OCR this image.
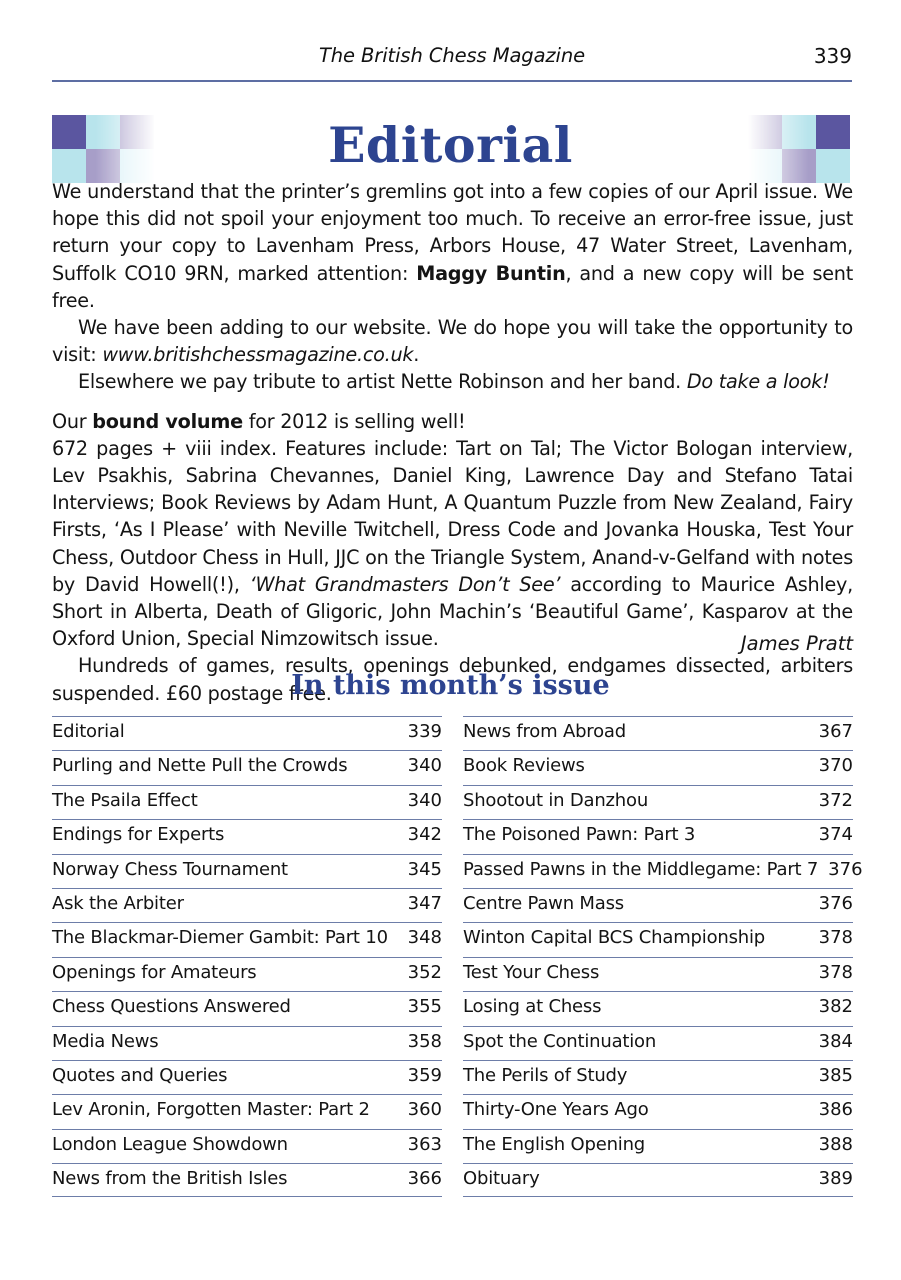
The British Chess Magazine	339
Editorial

We understand that the printer’s gremlins got into a few copies of our April issue. We hope this did not spoil your enjoyment too much. To receive an error-free issue, just return your copy to Lavenham Press, Arbors House, 47 Water Street, Lavenham, Suffolk CO10 9RN, marked attention: Maggy Buntin, and a new copy will be sent free.

We have been adding to our website. We do hope you will take the opportunity to visit: www.britishchessmagazine.co.uk.

Elsewhere we pay tribute to artist Nette Robinson and her band. Do take a look!

Our bound volume for 2012 is selling well!

672 pages + viii index. Features include: Tart on Tal; The Victor Bologan interview, Lev Psakhis, Sabrina Chevannes, Daniel King, Lawrence Day and Stefano Tatai Interviews; Book Reviews by Adam Hunt, A Quantum Puzzle from New Zealand, Fairy Firsts, ‘As I Please’ with Neville Twitchell, Dress Code and Jovanka Houska, Test Your Chess, Outdoor Chess in Hull, JJC on the Triangle System, Anand-v-Gelfand with notes by David Howell(!), ‘What Grandmasters Don’t See’ according to Maurice Ashley, Short in Alberta, Death of Gligoric, John Machin’s ‘Beautiful Game’, Kasparov at the Oxford Union, Special Nimzowitsch issue.

Hundreds of games, results, openings debunked, endgames dissected, arbiters suspended. £60 postage free.

James Pratt
In this month’s issue
Editorial	339
Purling and Nette Pull the Crowds	340
The Psaila Effect	340
Endings for Experts	342
Norway Chess Tournament	345
Ask the Arbiter	347
The Blackmar-Diemer Gambit: Part 10	348
Openings for Amateurs	352
Chess Questions Answered	355
Media News	358
Quotes and Queries	359
Lev Aronin, Forgotten Master: Part 2	360
London League Showdown	363
News from the British Isles	366
News from Abroad	367
Book Reviews	370
Shootout in Danzhou	372
The Poisoned Pawn: Part 3	374
Passed Pawns in the Middlegame: Part 7 376
Centre Pawn Mass	376
Winton Capital BCS Championship	378
Test Your Chess	378
Losing at Chess	382
Spot the Continuation	384
The Perils of Study	385
Thirty-One Years Ago	386
The English Opening	388
Obituary	389
